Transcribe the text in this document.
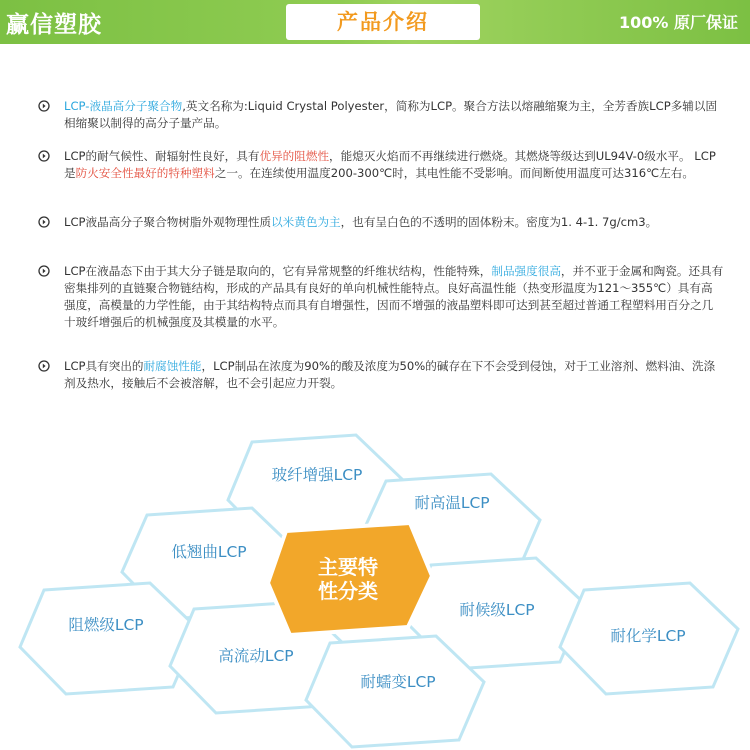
赢信塑胶	产品介绍	100% 原厂保证
LCP-液晶高分子聚合物,英文名称为:Liquid Crystal Polyester，简称为LCP。聚合方法以熔融缩聚为主，全芳香族LCP多辅以固相缩聚以制得的高分子量产品。
LCP的耐气候性、耐辐射性良好，具有优异的阻燃性，能熄灭火焰而不再继续进行燃烧。其燃烧等级达到UL94V-0级水平。 LCP是防火安全性最好的特种塑料之一。在连续使用温度200-300℃时，其电性能不受影响。而间断使用温度可达316℃左右。
LCP液晶高分子聚合物树脂外观物理性质以米黄色为主，也有呈白色的不透明的固体粉末。密度为1. 4-1. 7g/cm3。
LCP在液晶态下由于其大分子链是取向的，它有异常规整的纤维状结构，性能特殊，制品强度很高，并不亚于金属和陶瓷。还具有密集排列的直链聚合物链结构，形成的产品具有良好的单向机械性能特点。良好高温性能（热变形温度为121～355℃）具有高强度，高模量的力学性能，由于其结构特点而具有自增强性，因而不增强的液晶塑料即可达到甚至超过普通工程塑料用百分之几十玻纤增强后的机械强度及其模量的水平。
LCP具有突出的耐腐蚀性能，LCP制品在浓度为90%的酸及浓度为50%的碱存在下不会受到侵蚀，对于工业溶剂、燃料油、洗涤剂及热水，接触后不会被溶解，也不会引起应力开裂。
玻纤增强LCP
耐高温LCP
低翘曲LCP
耐候级LCP
阻燃级LCP
高流动LCP
耐化学LCP
耐蠕变LCP
主要特
性分类
